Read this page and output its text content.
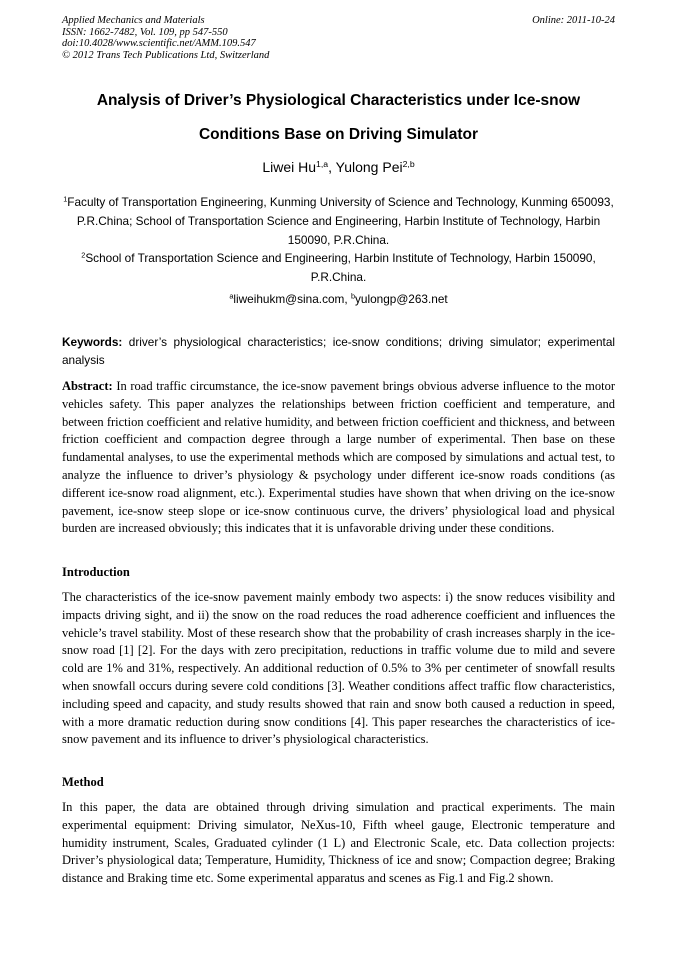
Applied Mechanics and Materials
ISSN: 1662-7482, Vol. 109, pp 547-550
doi:10.4028/www.scientific.net/AMM.109.547
© 2012 Trans Tech Publications Ltd, Switzerland
Online: 2011-10-24
Analysis of Driver’s Physiological Characteristics under Ice-snow
Conditions Base on Driving Simulator
Liwei Hu$^{1,a}$, Yulong Pei$^{2,b}$
$^1$Faculty of Transportation Engineering, Kunming University of Science and Technology, Kunming 650093, P.R.China; School of Transportation Science and Engineering, Harbin Institute of Technology, Harbin 150090, P.R.China.
$^2$School of Transportation Science and Engineering, Harbin Institute of Technology, Harbin 150090, P.R.China.
$^a$liweihukm@sina.com, $^b$yulongp@263.net
Keywords: driver’s physiological characteristics; ice-snow conditions; driving simulator; experimental analysis
Abstract: In road traffic circumstance, the ice-snow pavement brings obvious adverse influence to the motor vehicles safety. This paper analyzes the relationships between friction coefficient and temperature, and between friction coefficient and relative humidity, and between friction coefficient and thickness, and between friction coefficient and compaction degree through a large number of experimental. Then base on these fundamental analyses, to use the experimental methods which are composed by simulations and actual test, to analyze the influence to driver’s physiology & psychology under different ice-snow roads conditions (as different ice-snow road alignment, etc.). Experimental studies have shown that when driving on the ice-snow pavement, ice-snow steep slope or ice-snow continuous curve, the drivers’ physiological load and physical burden are increased obviously; this indicates that it is unfavorable driving under these conditions.
Introduction
The characteristics of the ice-snow pavement mainly embody two aspects: i) the snow reduces visibility and impacts driving sight, and ii) the snow on the road reduces the road adherence coefficient and influences the vehicle’s travel stability. Most of these research show that the probability of crash increases sharply in the ice-snow road [1] [2]. For the days with zero precipitation, reductions in traffic volume due to mild and severe cold are 1% and 31%, respectively. An additional reduction of 0.5% to 3% per centimeter of snowfall results when snowfall occurs during severe cold conditions [3]. Weather conditions affect traffic flow characteristics, including speed and capacity, and study results showed that rain and snow both caused a reduction in speed, with a more dramatic reduction during snow conditions [4]. This paper researches the characteristics of ice-snow pavement and its influence to driver’s physiological characteristics.
Method
In this paper, the data are obtained through driving simulation and practical experiments. The main experimental equipment: Driving simulator, NeXus-10, Fifth wheel gauge, Electronic temperature and humidity instrument, Scales, Graduated cylinder (1 L) and Electronic Scale, etc. Data collection projects: Driver’s physiological data; Temperature, Humidity, Thickness of ice and snow; Compaction degree; Braking distance and Braking time etc. Some experimental apparatus and scenes as Fig.1 and Fig.2 shown.
